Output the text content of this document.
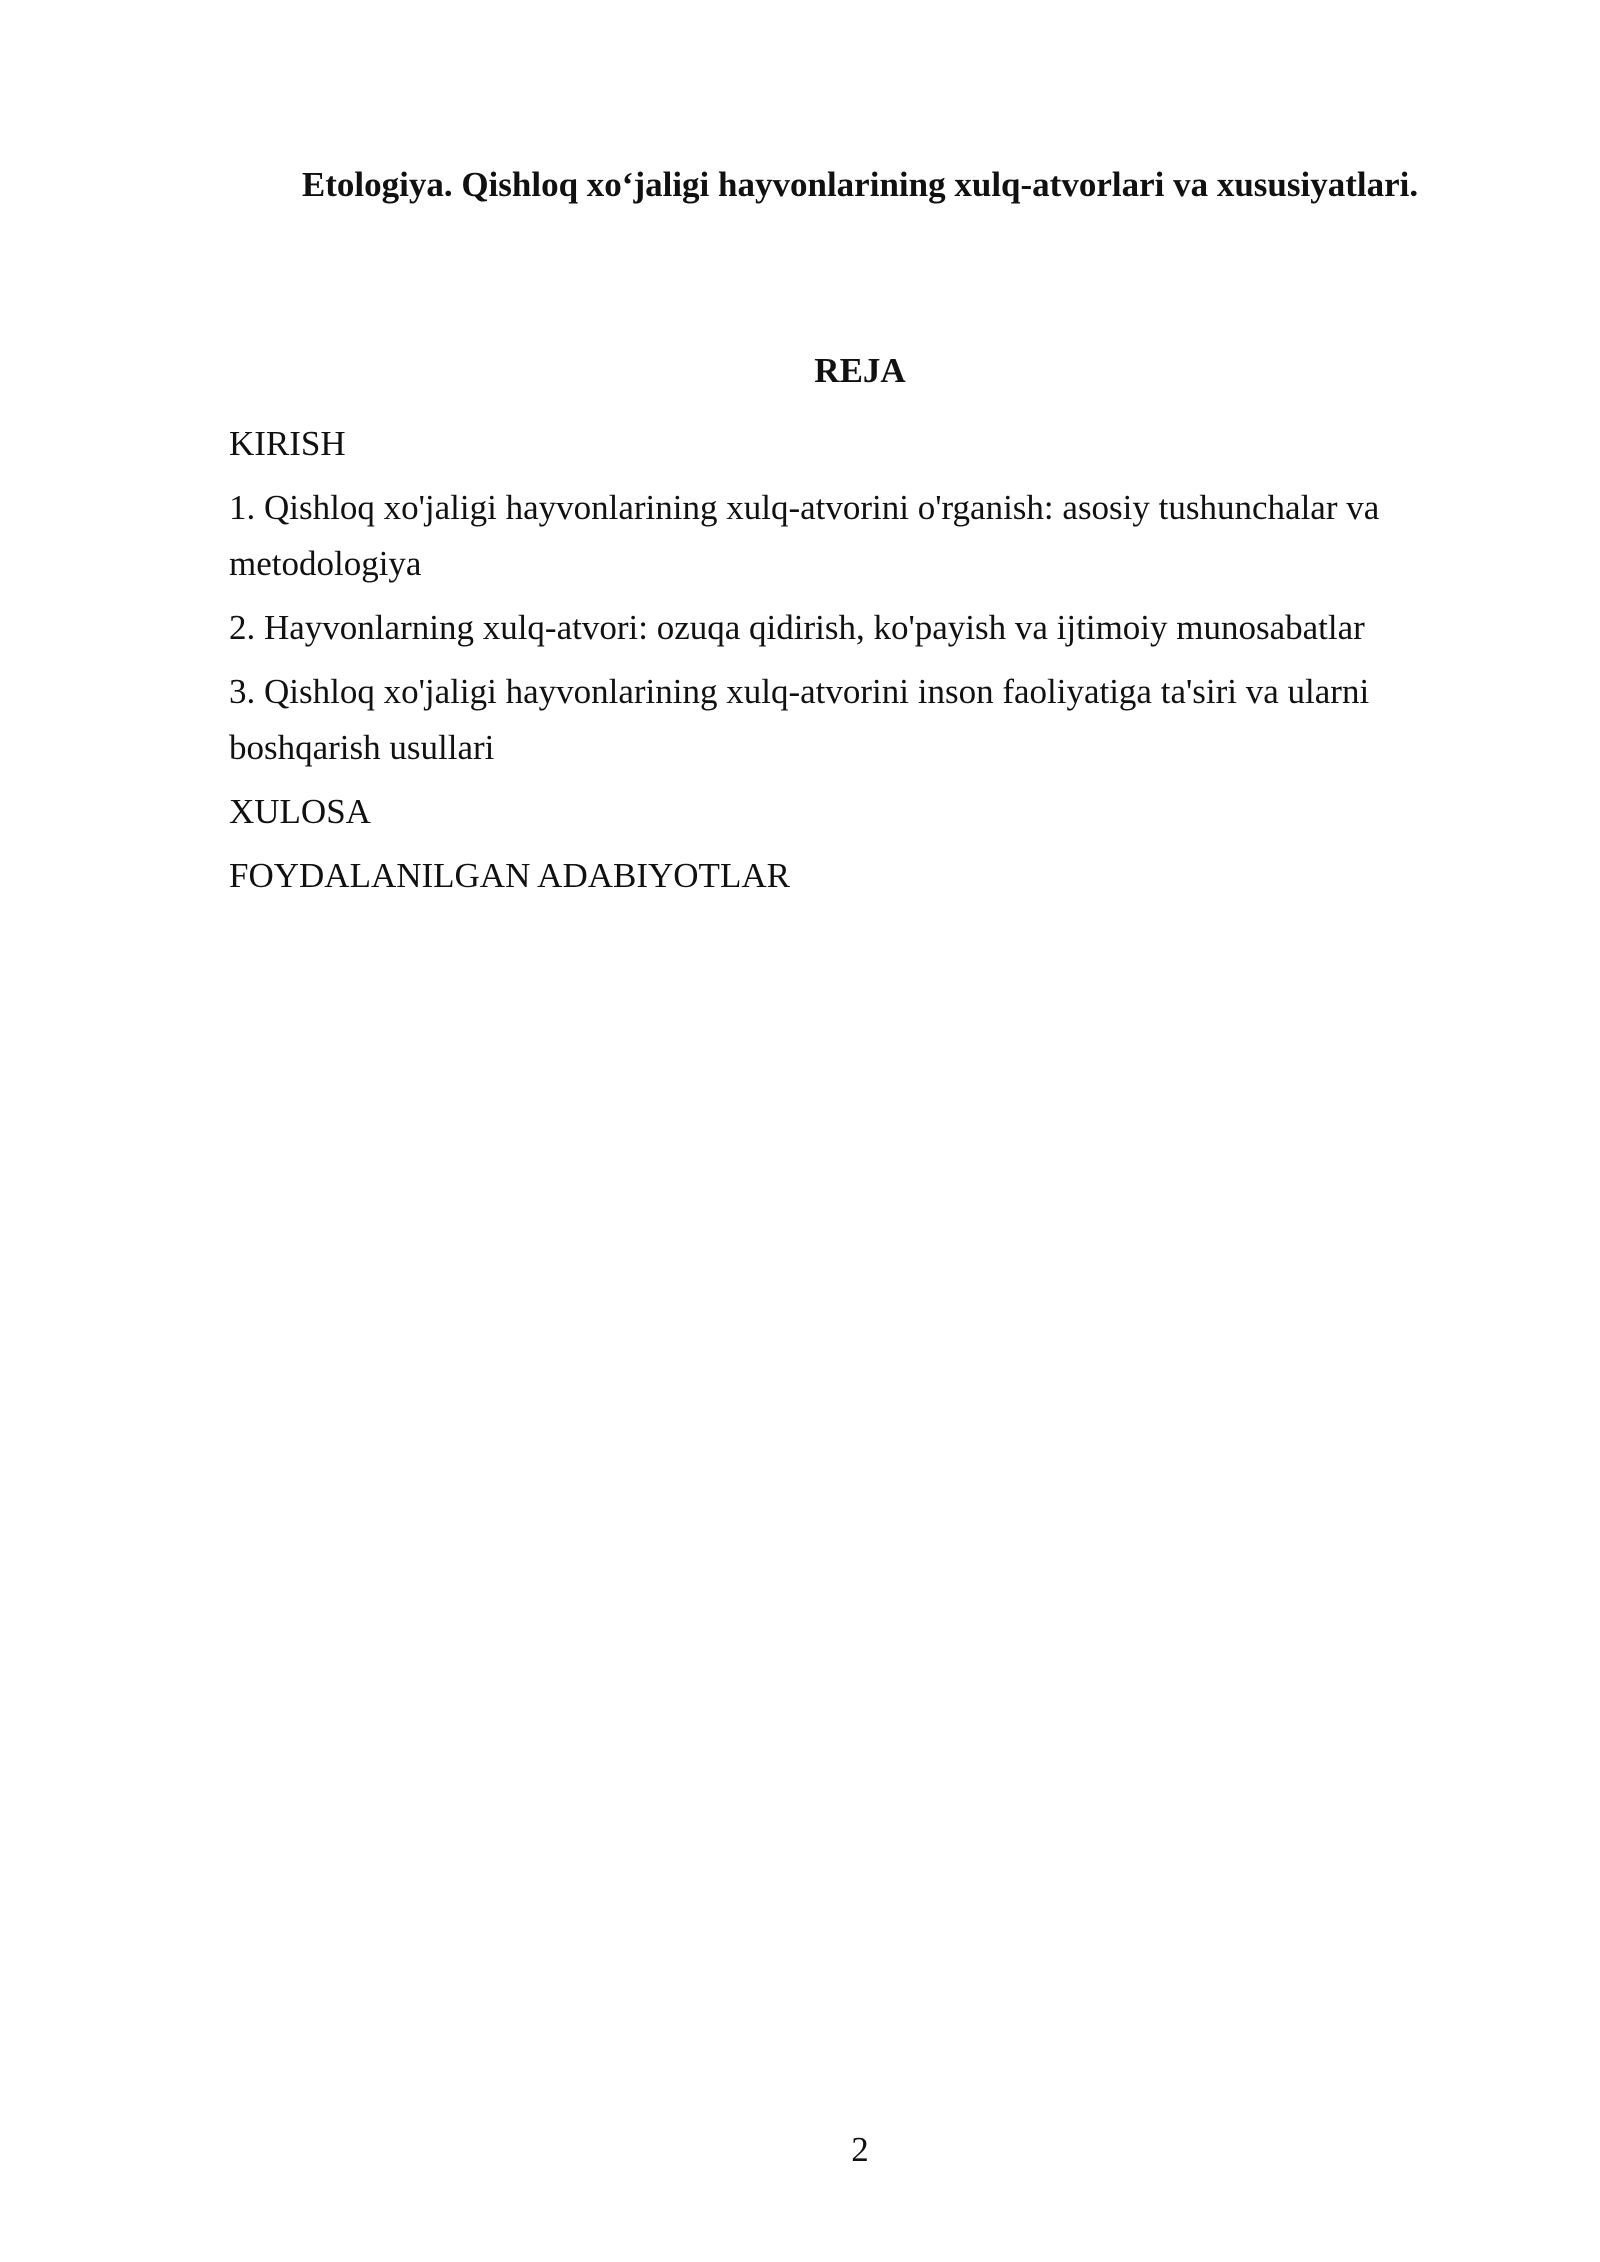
Etologiya. Qishloq xo‘jaligi hayvonlarining xulq-atvorlari va xususiyatlari.
REJA
KIRISH
1. Qishloq xo'jaligi hayvonlarining xulq-atvorini o'rganish: asosiy tushunchalar va metodologiya
2. Hayvonlarning xulq-atvori: ozuqa qidirish, ko'payish va ijtimoiy munosabatlar
3. Qishloq xo'jaligi hayvonlarining xulq-atvorini inson faoliyatiga ta'siri va ularni boshqarish usullari
XULOSA
FOYDALANILGAN ADABIYOTLAR
2
